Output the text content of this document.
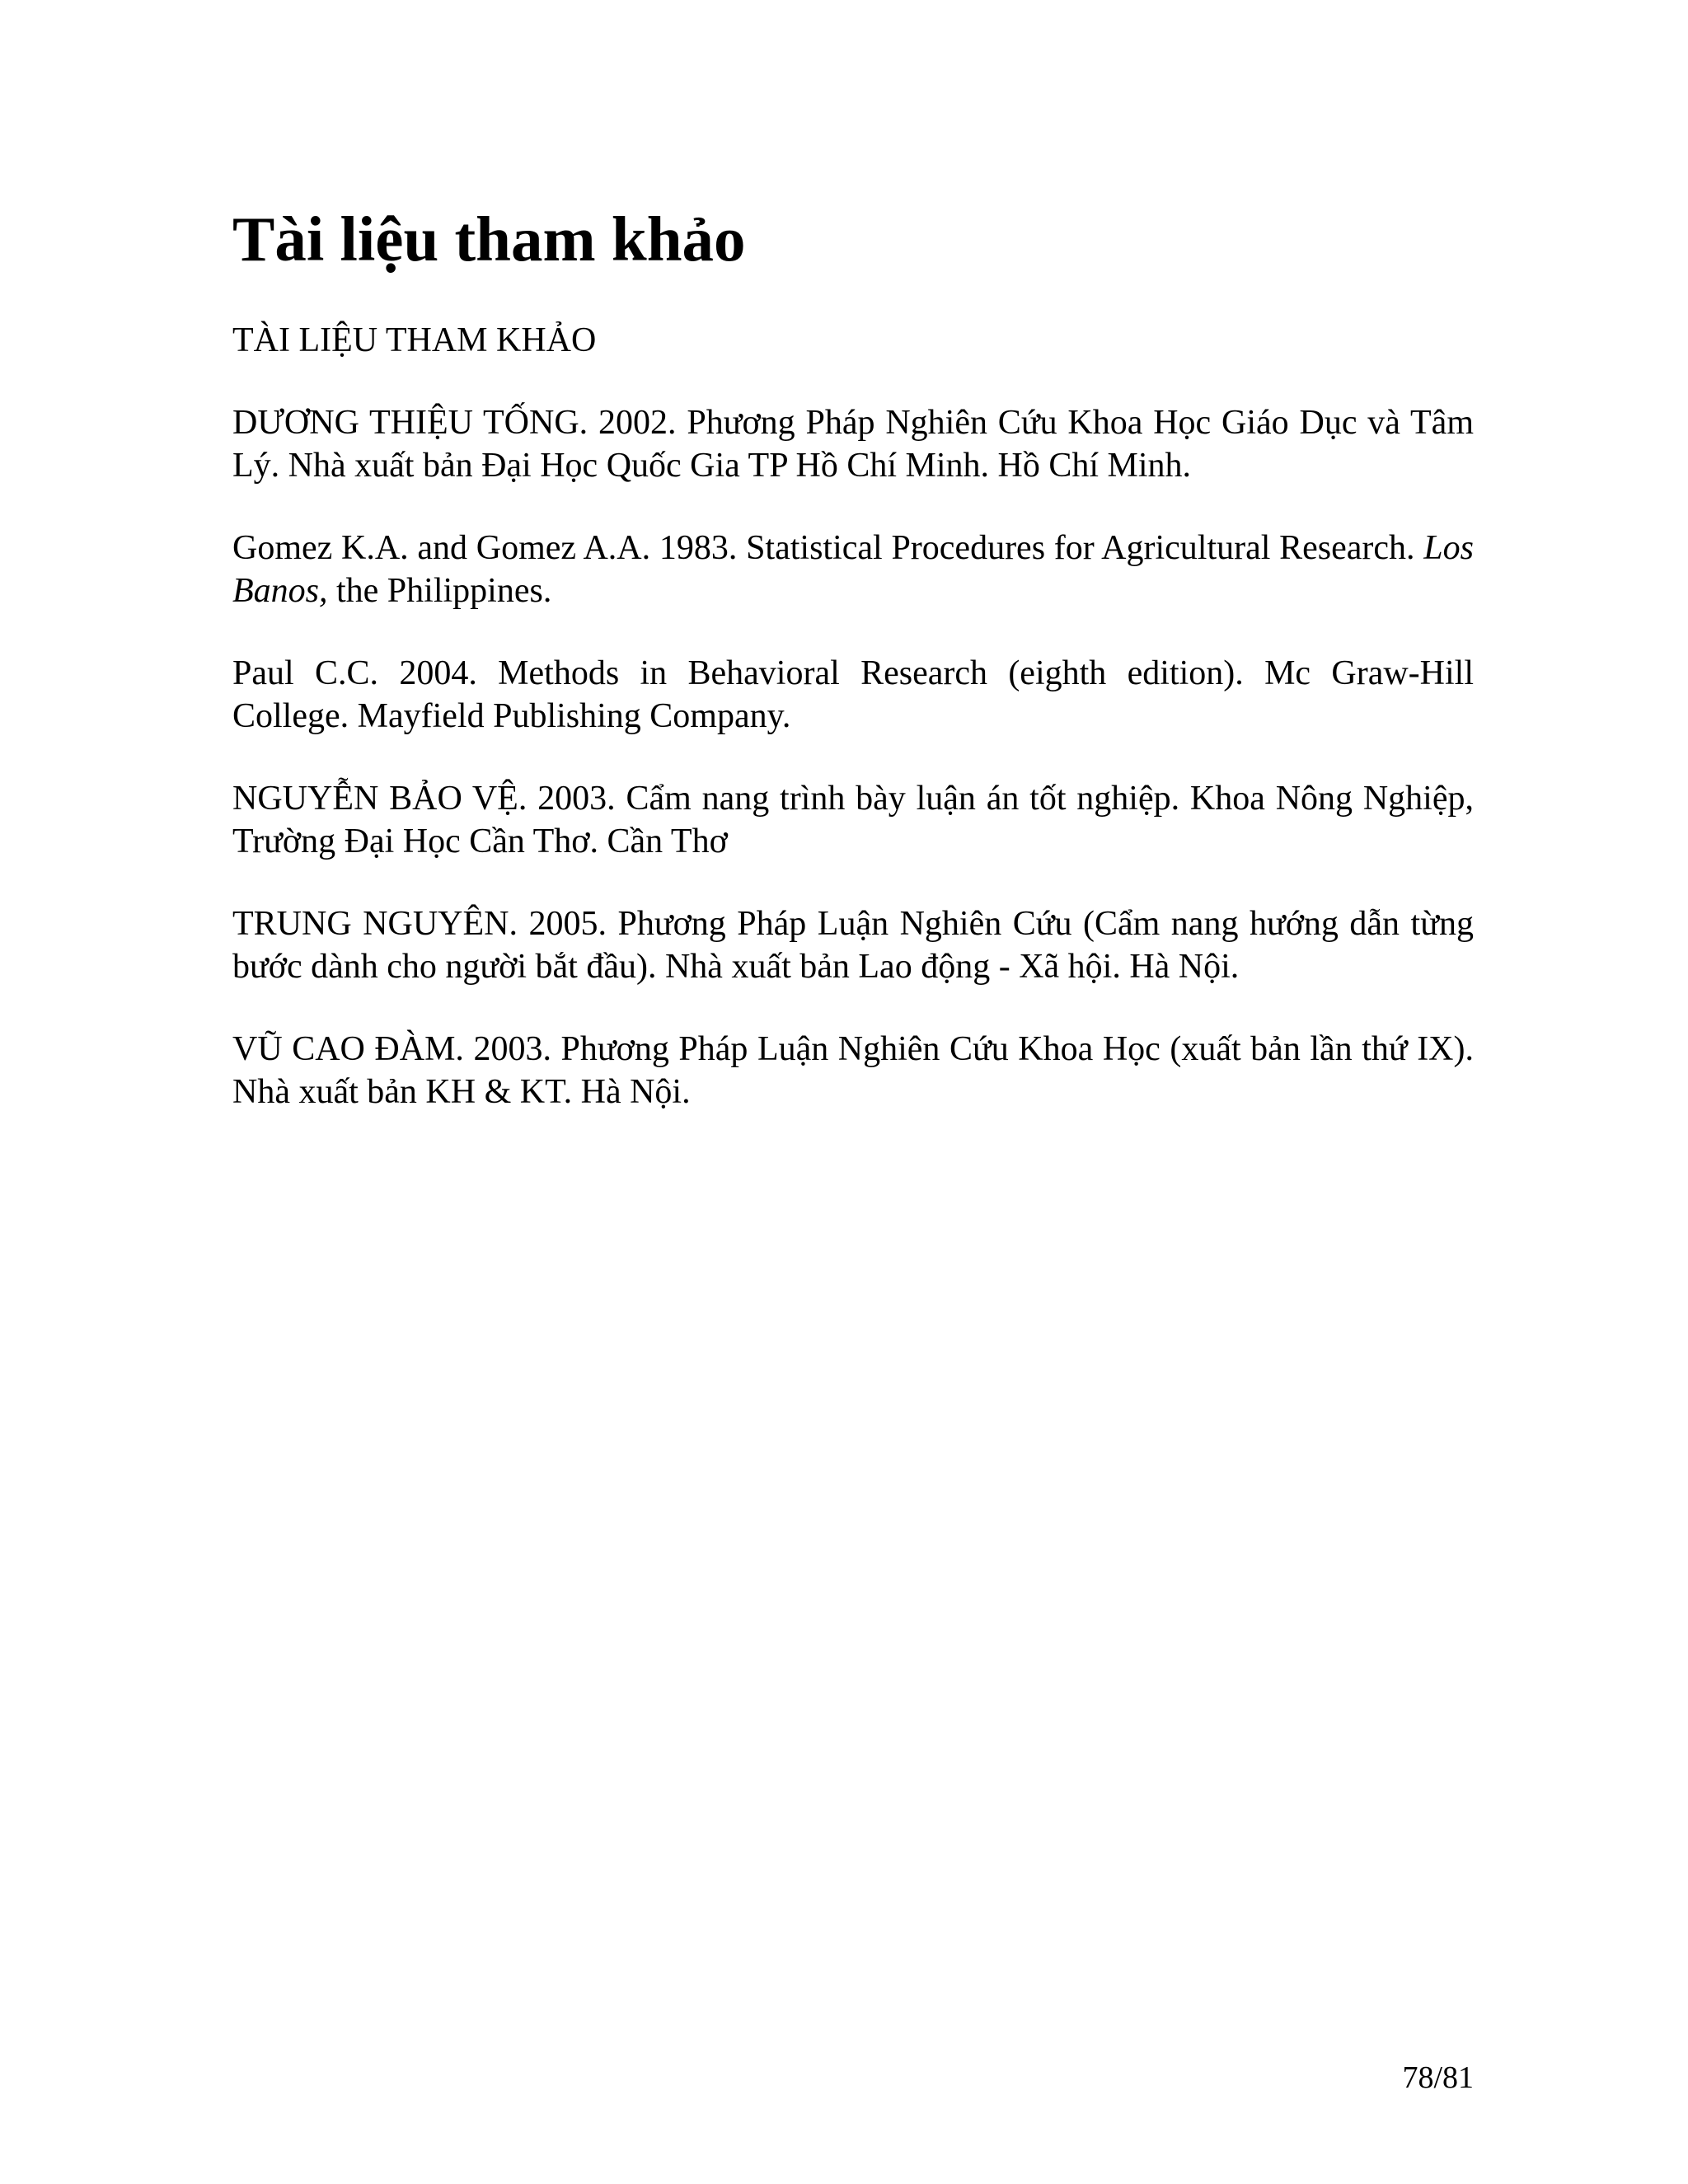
Tài liệu tham khảo

TÀI LIỆU THAM KHẢO

DƯƠNG THIỆU TỐNG. 2002. Phương Pháp Nghiên Cứu Khoa Học Giáo Dục và Tâm Lý. Nhà xuất bản Đại Học Quốc Gia TP Hồ Chí Minh. Hồ Chí Minh.
Gomez K.A. and Gomez A.A. 1983. Statistical Procedures for Agricultural Research. Los Banos, the Philippines.
Paul C.C. 2004. Methods in Behavioral Research (eighth edition). Mc Graw-Hill College. Mayfield Publishing Company.
NGUYỄN BẢO VỆ. 2003. Cẩm nang trình bày luận án tốt nghiệp. Khoa Nông Nghiệp, Trường Đại Học Cần Thơ. Cần Thơ
TRUNG NGUYÊN. 2005. Phương Pháp Luận Nghiên Cứu (Cẩm nang hướng dẫn từng bước dành cho người bắt đầu). Nhà xuất bản Lao động - Xã hội. Hà Nội.
VŨ CAO ĐÀM. 2003. Phương Pháp Luận Nghiên Cứu Khoa Học (xuất bản lần thứ IX). Nhà xuất bản KH & KT. Hà Nội.

78/81
